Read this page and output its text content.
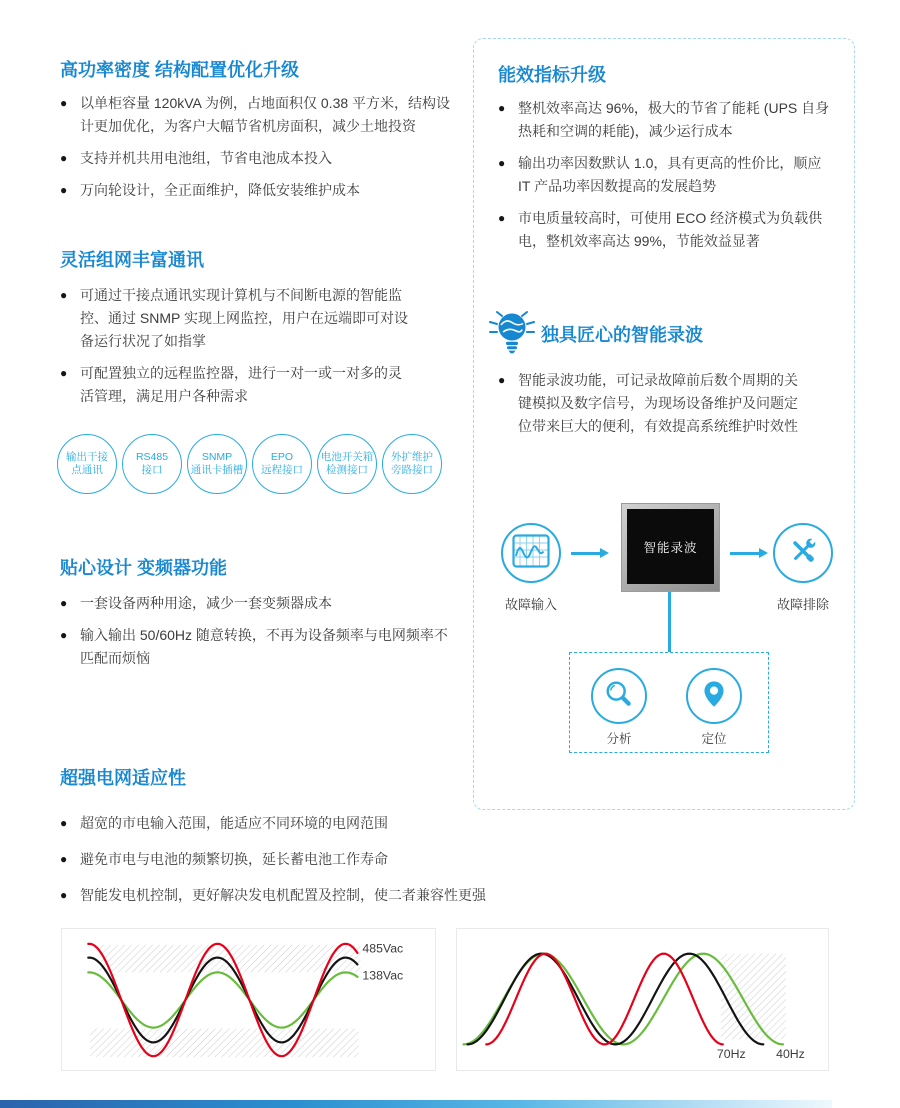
高功率密度 结构配置优化升级
● 以单柜容量 120kVA 为例，占地面积仅 0.38 平方米，结构设计更加优化，为客户大幅节省机房面积，减少土地投资
● 支持并机共用电池组，节省电池成本投入
● 万向轮设计，全正面维护，降低安装维护成本
灵活组网丰富通讯
● 可通过干接点通讯实现计算机与不间断电源的智能监控、通过 SNMP 实现上网监控，用户在远端即可对设备运行状况了如指掌
● 可配置独立的远程监控器，进行一对一或一对多的灵活管理，满足用户各种需求
输出干接
点通讯
RS485
接口
SNMP
通讯卡插槽
EPO
远程接口
电池开关箱
检测接口
外扩维护
旁路接口
贴心设计 变频器功能
● 一套设备两种用途，减少一套变频器成本
● 输入输出 50/60Hz 随意转换，不再为设备频率与电网频率不匹配而烦恼
超强电网适应性
● 超宽的市电输入范围，能适应不同环境的电网范围
● 避免市电与电池的频繁切换，延长蓄电池工作寿命
● 智能发电机控制，更好解决发电机配置及控制，使二者兼容性更强
能效指标升级
● 整机效率高达 96%，极大的节省了能耗 (UPS 自身热耗和空调的耗能)，减少运行成本
● 输出功率因数默认 1.0，具有更高的性价比，顺应 IT 产品功率因数提高的发展趋势
● 市电质量较高时，可使用 ECO 经济模式为负载供电，整机效率高达 99%，节能效益显著
独具匠心的智能录波
● 智能录波功能，可记录故障前后数个周期的关键模拟及数字信号，为现场设备维护及问题定位带来巨大的便利，有效提高系统维护时效性
故障输入
智能录波
故障排除
分析	定位
485Vac
138Vac
70Hz 40Hz
